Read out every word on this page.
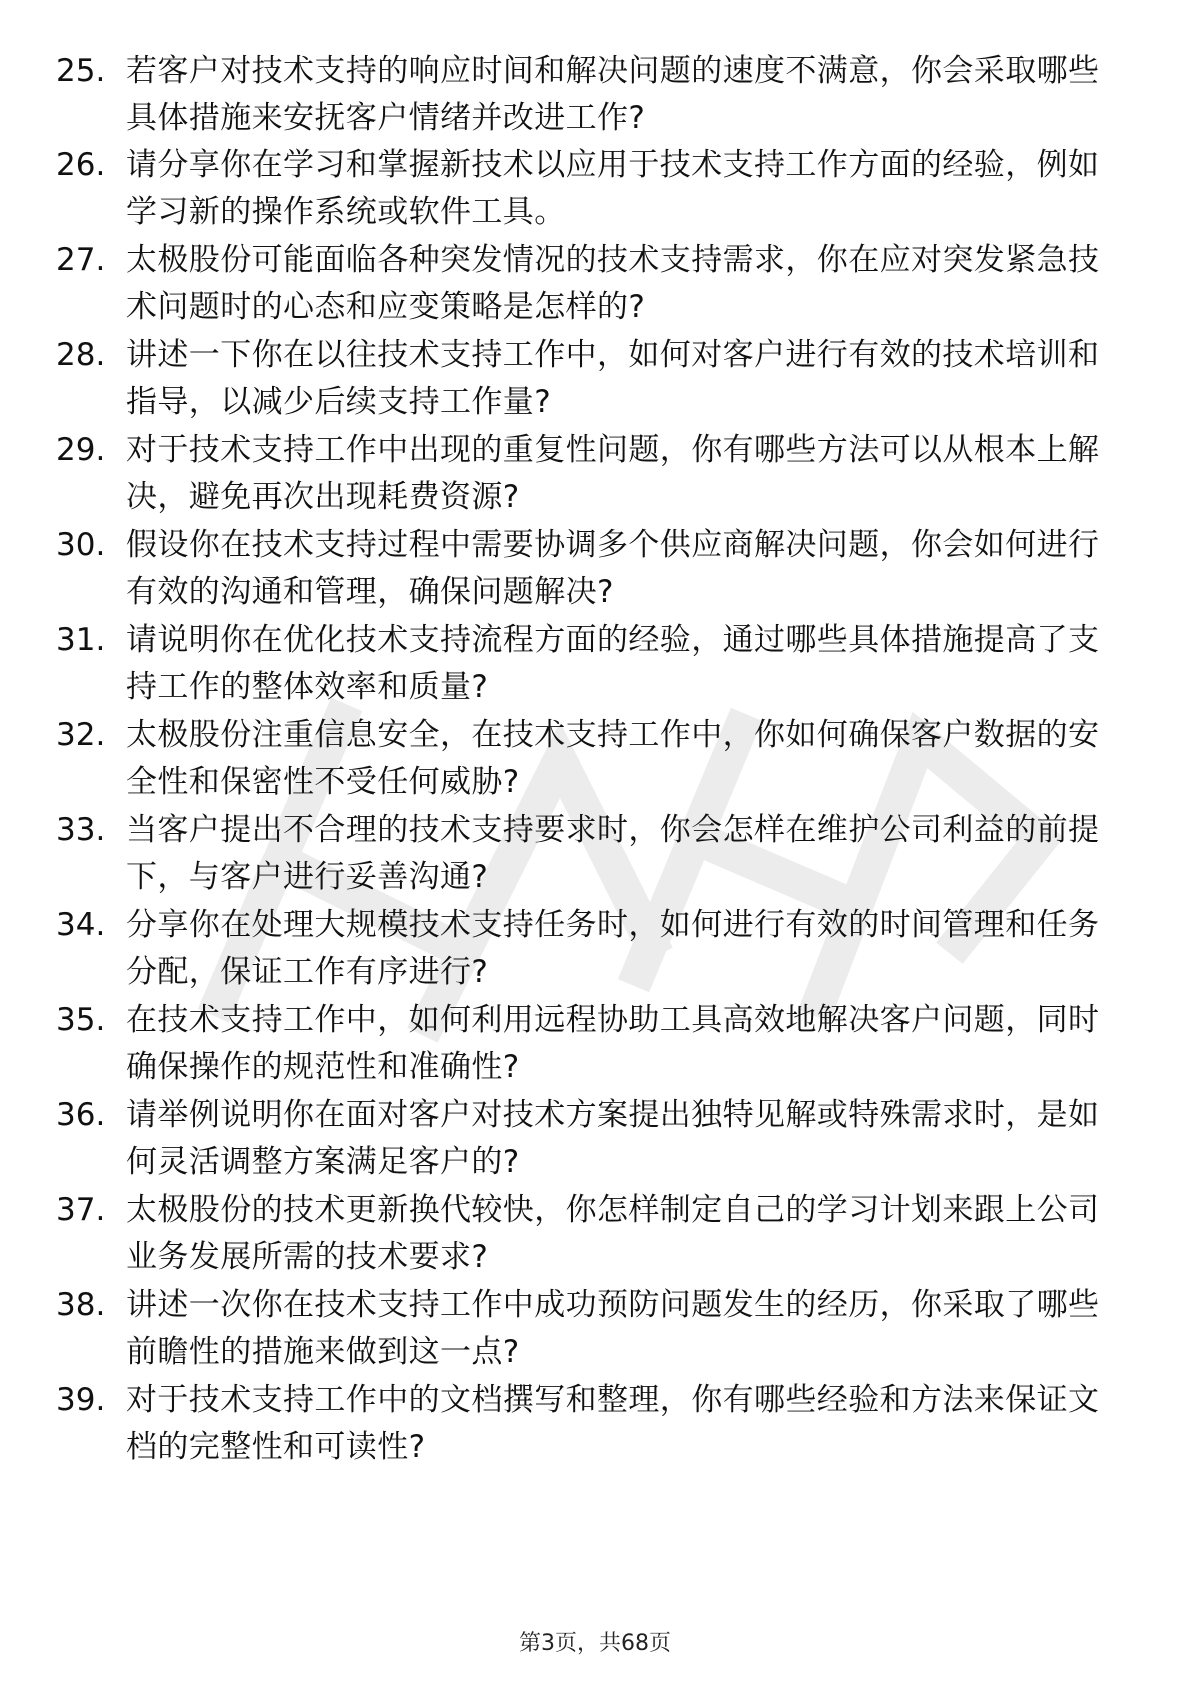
25. 若客户对技术支持的响应时间和解决问题的速度不满意，你会采取哪些具体措施来安抚客户情绪并改进工作?
26. 请分享你在学习和掌握新技术以应用于技术支持工作方面的经验，例如学习新的操作系统或软件工具。
27. 太极股份可能面临各种突发情况的技术支持需求，你在应对突发紧急技术问题时的心态和应变策略是怎样的?
28. 讲述一下你在以往技术支持工作中，如何对客户进行有效的技术培训和指导，以减少后续支持工作量?
29. 对于技术支持工作中出现的重复性问题，你有哪些方法可以从根本上解决，避免再次出现耗费资源?
30. 假设你在技术支持过程中需要协调多个供应商解决问题，你会如何进行有效的沟通和管理，确保问题解决?
31. 请说明你在优化技术支持流程方面的经验，通过哪些具体措施提高了支持工作的整体效率和质量?
32. 太极股份注重信息安全，在技术支持工作中，你如何确保客户数据的安全性和保密性不受任何威胁?
33. 当客户提出不合理的技术支持要求时，你会怎样在维护公司利益的前提下，与客户进行妥善沟通?
34. 分享你在处理大规模技术支持任务时，如何进行有效的时间管理和任务分配，保证工作有序进行?
35. 在技术支持工作中，如何利用远程协助工具高效地解决客户问题，同时确保操作的规范性和准确性?
36. 请举例说明你在面对客户对技术方案提出独特见解或特殊需求时，是如何灵活调整方案满足客户的?
37. 太极股份的技术更新换代较快，你怎样制定自己的学习计划来跟上公司业务发展所需的技术要求?
38. 讲述一次你在技术支持工作中成功预防问题发生的经历，你采取了哪些前瞻性的措施来做到这一点?
39. 对于技术支持工作中的文档撰写和整理，你有哪些经验和方法来保证文档的完整性和可读性?
第3页，共68页
